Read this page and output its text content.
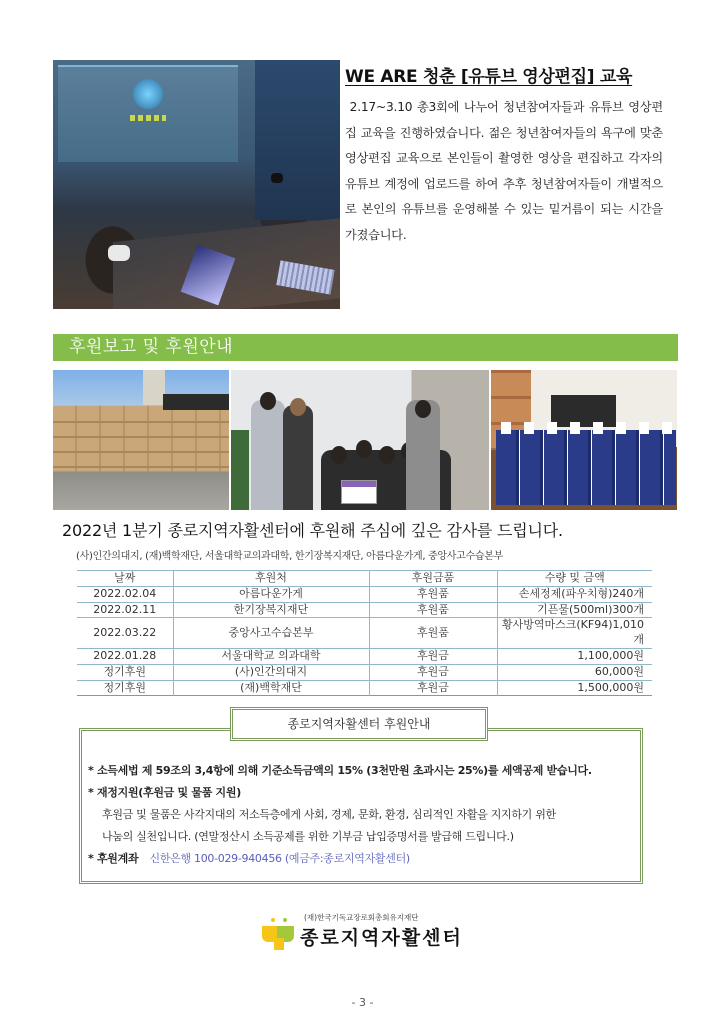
WE ARE 청춘 [유튜브 영상편집] 교육

2.17~3.10 총3회에 나누어 청년참여자들과 유튜브 영상편집 교육을 진행하였습니다. 젊은 청년참여자들의 욕구에 맞춘 영상편집 교육으로 본인들이 촬영한 영상을 편집하고 각자의 유튜브 계정에 업로드를 하여 추후 청년참여자들이 개별적으로 본인의 유튜브를 운영해볼 수 있는 밑거름이 되는 시간을 가졌습니다.

후원보고 및 후원안내
2022년 1분기 종로지역자활센터에 후원해 주심에 깊은 감사를 드립니다.
(사)인간의대지, (재)백학재단, 서울대학교의과대학, 한기장복지재단, 아름다운가게, 중앙사고수습본부
날짜	후원처	후원금품	수량 및 금액
2022.02.04	아름다운가게	후원품	손세정제(파우치형)240개
2022.02.11	한기장복지재단	후원품	기픈물(500ml)300개
2022.03.22	중앙사고수습본부	후원품	황사방역마스크(KF94)1,010개
2022.01.28	서울대학교 의과대학	후원금	1,100,000원
정기후원	(사)인간의대지	후원금	60,000원
정기후원	(재)백학재단	후원금	1,500,000원
종로지역자활센터 후원안내
* 소득세법 제 59조의 3,4항에 의해 기준소득금액의 15% (3천만원 초과시는 25%)를 세액공제 받습니다.
* 재정지원(후원금 및 물품 지원)
후원금 및 물품은 사각지대의 저소득층에게 사회, 경제, 문화, 환경, 심리적인 자활을 지지하기 위한
나눔의 실천입니다. (연말정산시 소득공제를 위한 기부금 납입증명서를 발급해 드립니다.)
* 후원계좌 신한은행 100-029-940456 (예금주:종로지역자활센터)
(재)한국기독교장로회총회유지재단
종로지역자활센터
- 3 -
